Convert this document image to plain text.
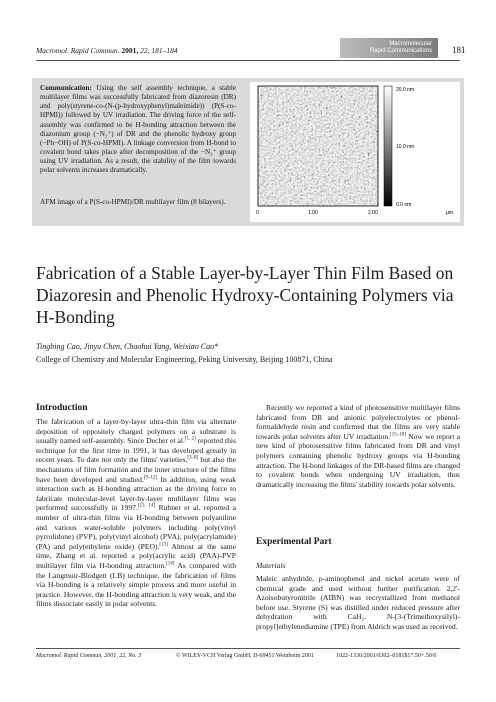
Macromol. Rapid Commun. 2001, 22, 181–184
Macromolecular
Rapid Communications 181
Communication: Using the self assembly technique, a stable multilayer films was successfully fabricated from diazoresin (DR) and poly(styrene-co-(N-(p-hydroxyphenyl)maleimide)) (P(S-co-HPMI)) followed by UV irradiation. The driving force of the self-assembly was confirmed to be H-bonding attraction between the diazonium group (−N₂⁺) of DR and the phenolic hydroxy group (−Ph−OH) of P(S-co-HPMI). A linkage conversion from H-bond to covalent bond takes place after decomposition of the −N₂⁺ group using UV irradiation. As a result, the stability of the film towards polar solvents increases dramatically.
AFM image of a P(S-co-HPMI)/DR multilayer film (8 bilayers).
20.0 nm
10.0 nm
0.0 nm
0	1.00	2.00	µm
Fabrication of a Stable Layer-by-Layer Thin Film Based on Diazoresin and Phenolic Hydroxy-Containing Polymers via H-Bonding
Tingbing Cao, Jinyu Chen, Chaohui Yang, Weixiao Cao*
College of Chemistry and Molecular Engineering, Peking University, Beijing 100871, China
Introduction
The fabrication of a layer-by-layer ultra-thin film via alternate deposition of oppositely charged polymers on a substrate is usually named self-assembly. Since Decher et al.[1, 2] reported this technique for the first time in 1991, it has developed greatly in recent years. To date not only the films' varieties,[3–8] but also the mechanisms of film formation and the inner structure of the films have been developed and studied.[9–12] In addition, using weak interaction such as H-bonding attraction as the driving force to fabricate molecular-level layer-by-layer multilayer films was performed successfully in 1997.[13, 14] Rubner et al. reported a number of ultra-thin films via H-bonding between polyaniline and various water-soluble polymers including poly(vinyl pyrrolidone) (PVP), poly(vinyl alcohol) (PVA), poly(acrylamide) (PA) and poly(ethylene oxide) (PEO).[13] Almost at the same time, Zhang et al. reported a poly(acrylic acid) (PAA)-PVP multilayer film via H-bonding attraction.[14] As compared with the Langmuir-Blodgett (LB) technique, the fabrication of films via H-bonding is a relatively simple process and more useful in practice. However, the H-bonding attraction is very weak, and the films dissociate easily in polar solvents.
Recently we reported a kind of photosensitive multilayer films fabricated from DR and anionic polyelectrolytes or phenol-formaldehyde resin and confirmed that the films are very stable towards polar solvents after UV irradiation.[15–18] Now we report a new kind of photosensitive films fabricated from DR and vinyl polymers containing phenolic hydroxy groups via H-bonding attraction. The H-bond linkages of the DR-based films are changed to covalent bonds when undergoing UV irradiation, thus dramatically increasing the films' stability towards polar solvents.
Experimental Part
Materials
Maleic anhydride, p-aminophenol and nickel acetate were of chemical grade and used without further purification. 2,2'-Azoisobutyronitrile (AIBN) was recrystallized from methanol before use. Styrene (S) was distilled under reduced pressure after dehydration with CaH₂. N-[3-(Trimethoxysilyl)-propyl]ethylenediamine (TPE) from Aldrich was used as received.
Macromol. Rapid Commun. 2001, 22, No. 3	© WILEY-VCH Verlag GmbH, D-69451 Weinheim 2001	1022-1336/2001/0302–0181$17.50+.50/0
